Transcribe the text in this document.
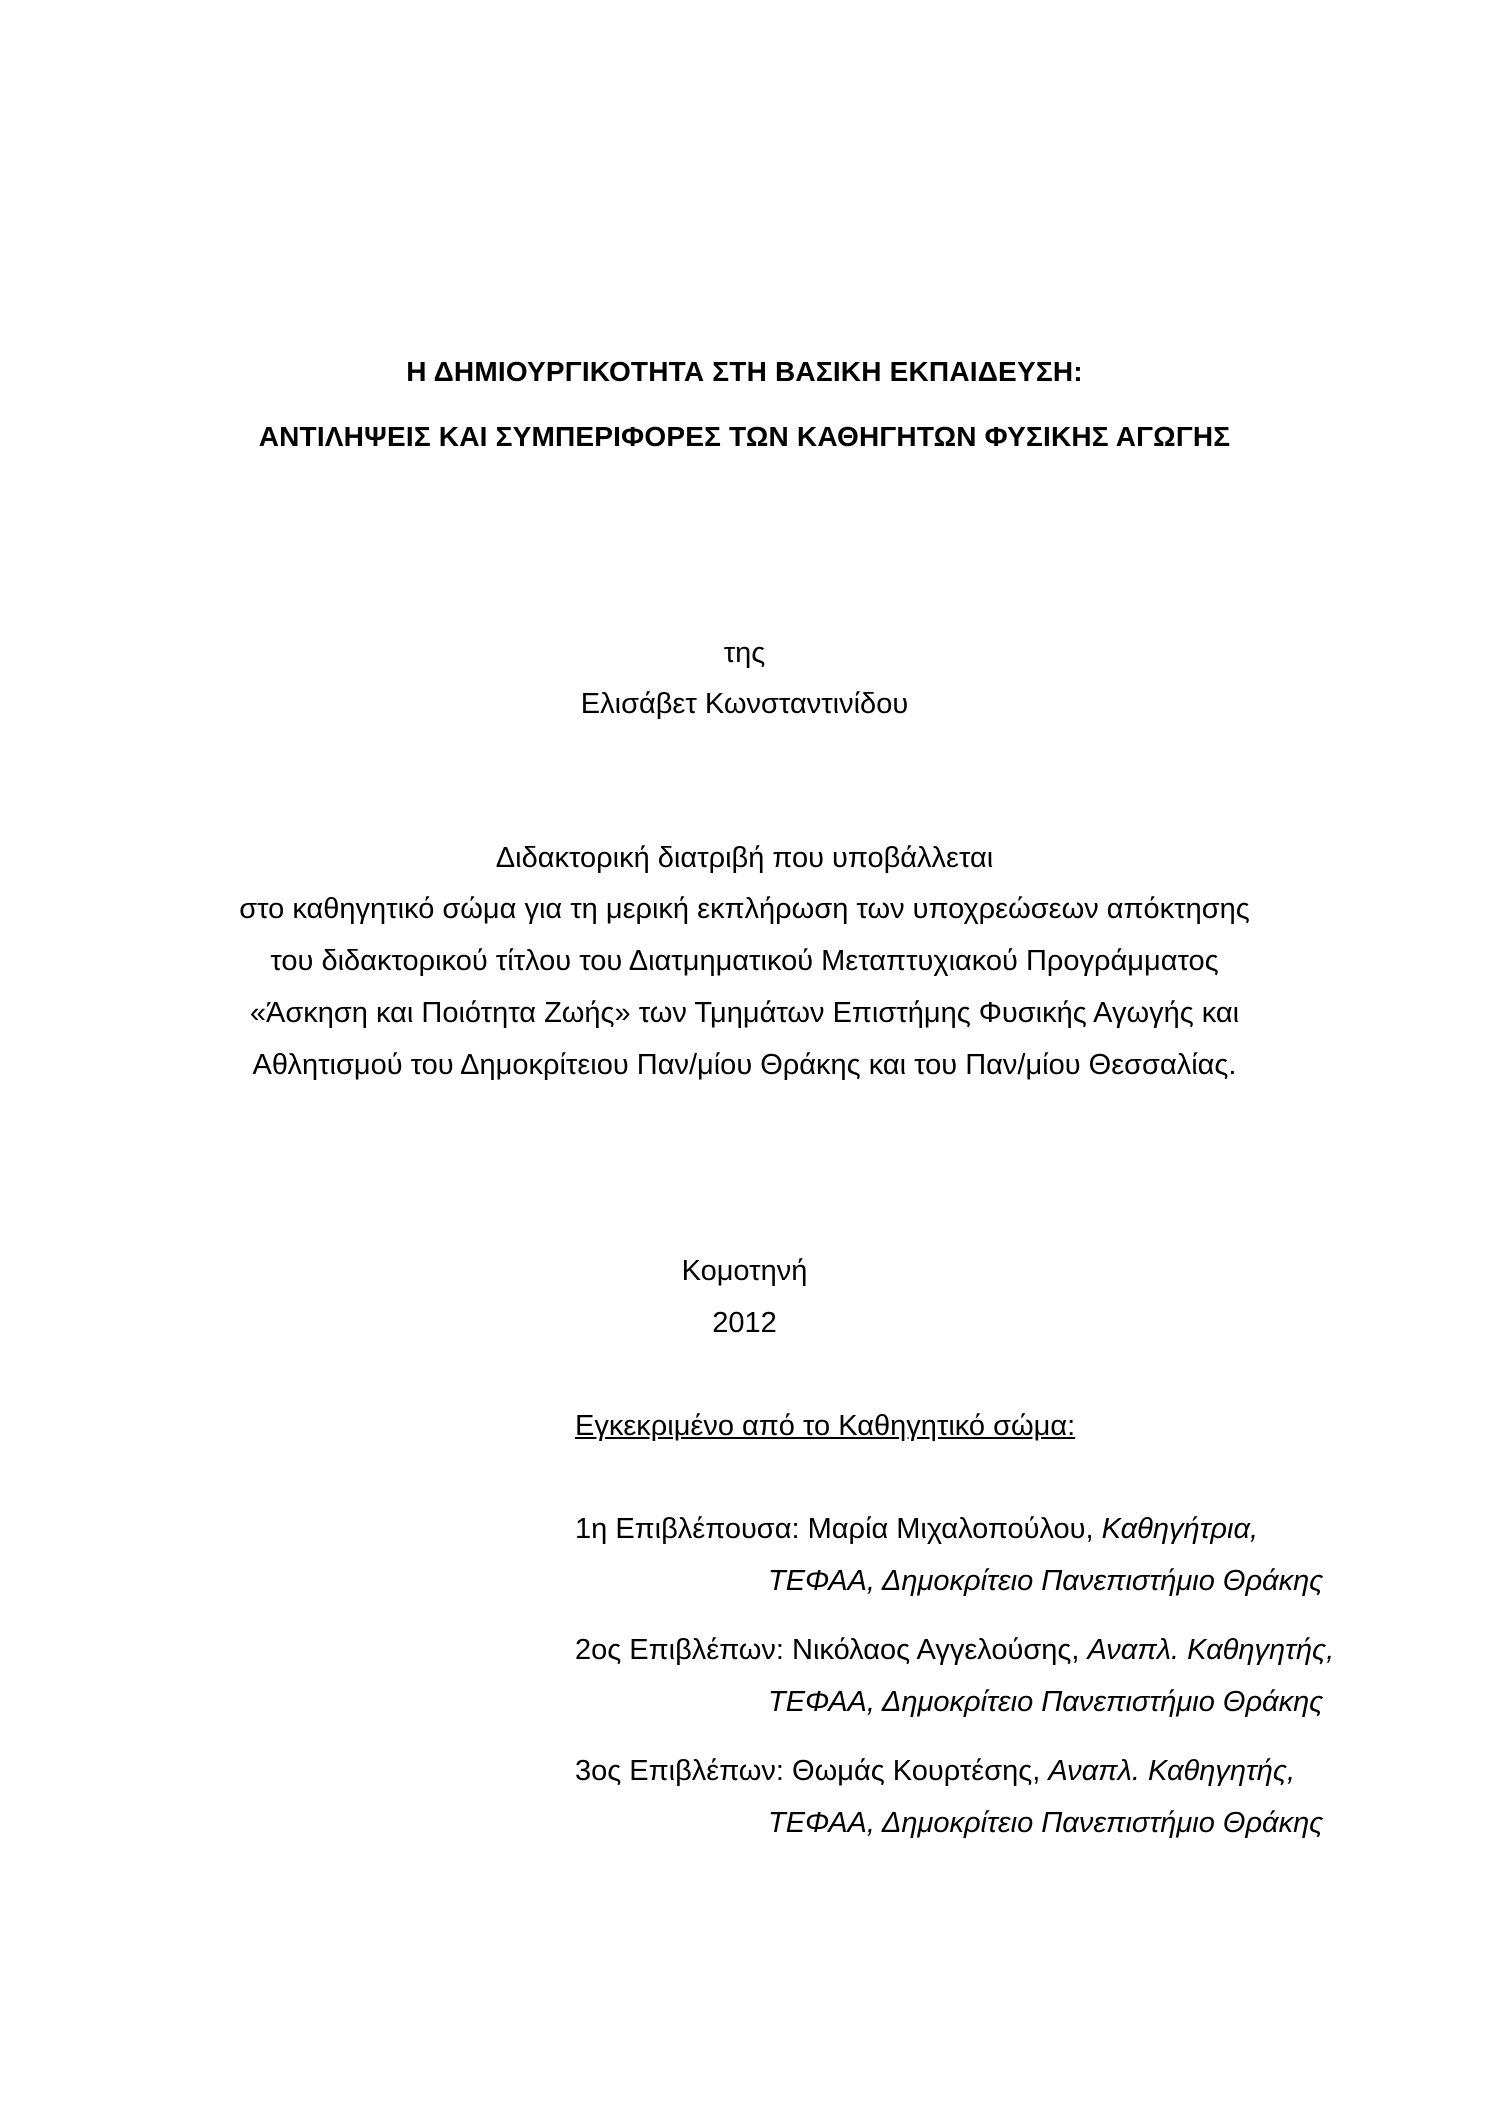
Η ΔΗΜΙΟΥΡΓΙΚΟΤΗΤΑ ΣΤΗ ΒΑΣΙΚΗ ΕΚΠΑΙΔΕΥΣΗ:
ΑΝΤΙΛΗΨΕΙΣ ΚΑΙ ΣΥΜΠΕΡΙΦΟΡΕΣ ΤΩΝ ΚΑΘΗΓΗΤΩΝ ΦΥΣΙΚΗΣ ΑΓΩΓΗΣ
της
Ελισάβετ Κωνσταντινίδου
Διδακτορική διατριβή που υποβάλλεται
στο καθηγητικό σώμα για τη μερική εκπλήρωση των υποχρεώσεων απόκτησης
του διδακτορικού τίτλου του Διατμηματικού Μεταπτυχιακού Προγράμματος
«Άσκηση και Ποιότητα Ζωής» των Τμημάτων Επιστήμης Φυσικής Αγωγής και
Αθλητισμού του Δημοκρίτειου Παν/μίου Θράκης και του Παν/μίου Θεσσαλίας.
Κομοτηνή
2012
Εγκεκριμένο από το Καθηγητικό σώμα:
1η Επιβλέπουσα: Μαρία Μιχαλοπούλου, Καθηγήτρια,
ΤΕΦΑΑ, Δημοκρίτειο Πανεπιστήμιο Θράκης
2ος Επιβλέπων: Νικόλαος Αγγελούσης, Αναπλ. Καθηγητής,
ΤΕΦΑΑ, Δημοκρίτειο Πανεπιστήμιο Θράκης
3ος Επιβλέπων: Θωμάς Κουρτέσης, Αναπλ. Καθηγητής,
ΤΕΦΑΑ, Δημοκρίτειο Πανεπιστήμιο Θράκης
